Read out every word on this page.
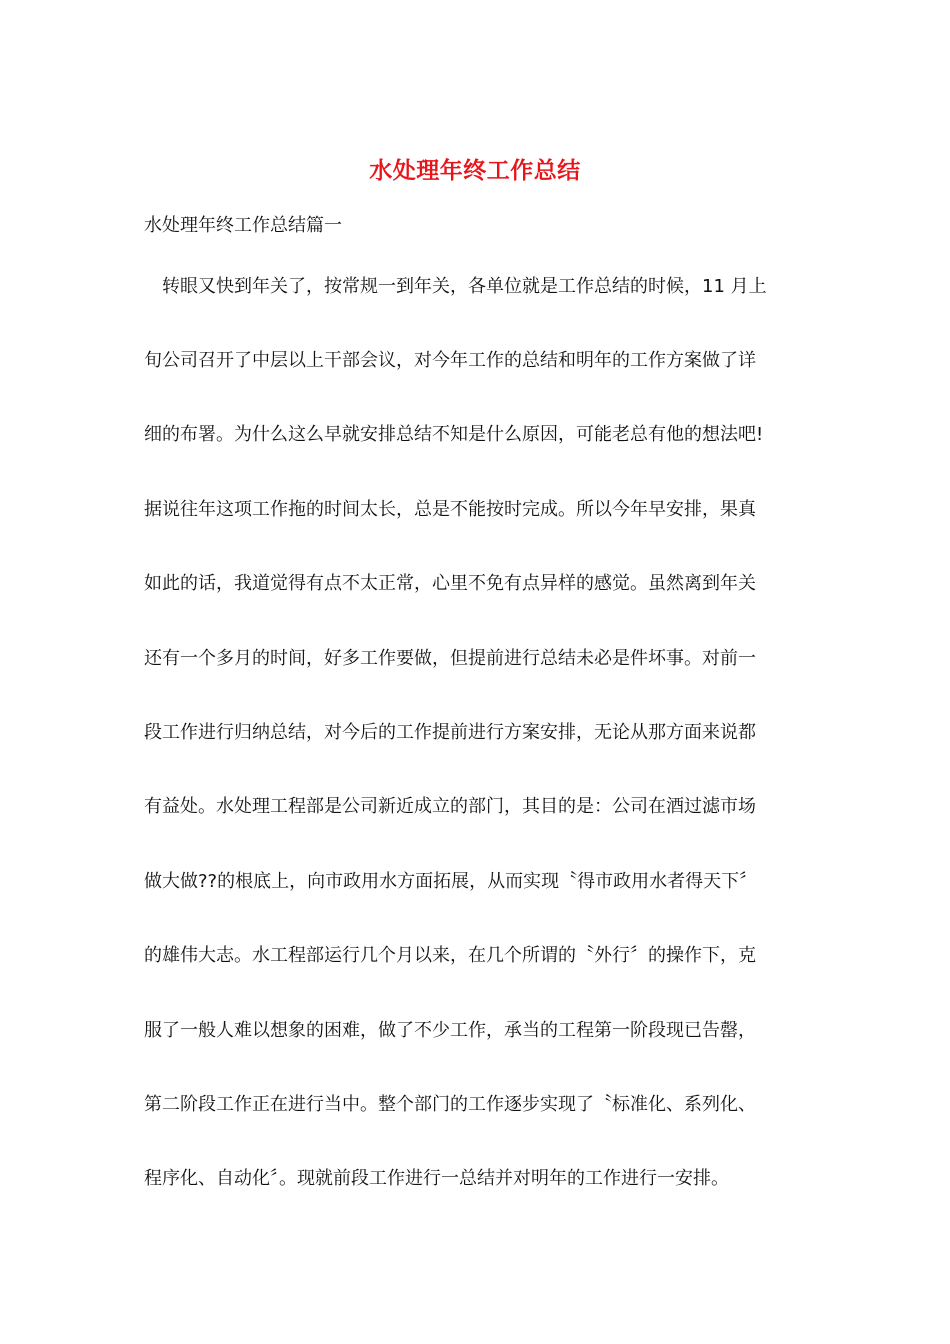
水处理年终工作总结
水处理年终工作总结篇一
　转眼又快到年关了，按常规一到年关，各单位就是工作总结的时候，11 月上
旬公司召开了中层以上干部会议，对今年工作的总结和明年的工作方案做了详
细的布署。为什么这么早就安排总结不知是什么原因，可能老总有他的想法吧!
据说往年这项工作拖的时间太长，总是不能按时完成。所以今年早安排，果真
如此的话，我道觉得有点不太正常，心里不免有点异样的感觉。虽然离到年关
还有一个多月的时间，好多工作要做，但提前进行总结未必是件坏事。对前一
段工作进行归纳总结，对今后的工作提前进行方案安排，无论从那方面来说都
有益处。水处理工程部是公司新近成立的部门，其目的是：公司在酒过滤市场
做大做??的根底上，向市政用水方面拓展，从而实现〝得市政用水者得天下〞
的雄伟大志。水工程部运行几个月以来，在几个所谓的〝外行〞的操作下，克
服了一般人难以想象的困难，做了不少工作，承当的工程第一阶段现已告罄，
第二阶段工作正在进行当中。整个部门的工作逐步实现了〝标准化、系列化、
程序化、自动化〞。现就前段工作进行一总结并对明年的工作进行一安排。
